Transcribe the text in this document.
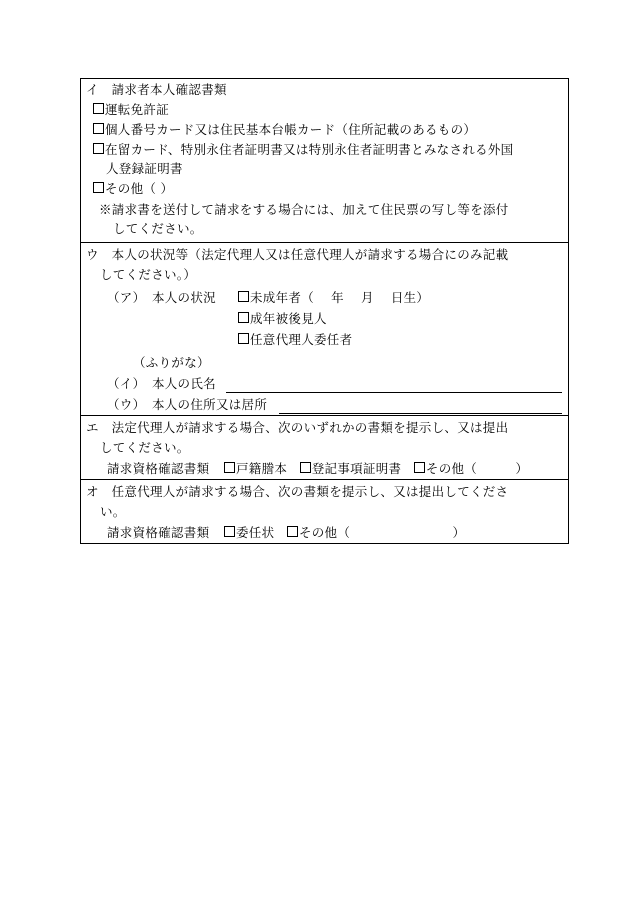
イ　請求者本人確認書類
運転免許証
個人番号カード又は住民基本台帳カード（住所記載のあるもの）
在留カード、特別永住者証明書又は特別永住者証明書とみなされる外国
人登録証明書
その他（ ）
※請求書を送付して請求をする場合には、加えて住民票の写し等を添付
してください。
ウ　本人の状況等（法定代理人又は任意代理人が請求する場合にのみ記載
してください。）
（ア）　本人の状況	未成年者（　 年　 月　 日生）
成年被後見人
任意代理人委任者
（ふりがな）
（イ）　本人の氏名
（ウ）　本人の住所又は居所
エ　法定代理人が請求する場合、次のいずれかの書類を提示し、又は提出
してください。
請求資格確認書類 戸籍謄本 登記事項証明書 その他（　　　）
オ　任意代理人が請求する場合、次の書類を提示し、又は提出してくださ
い。
請求資格確認書類 委任状 その他（　　　　　　　　）
